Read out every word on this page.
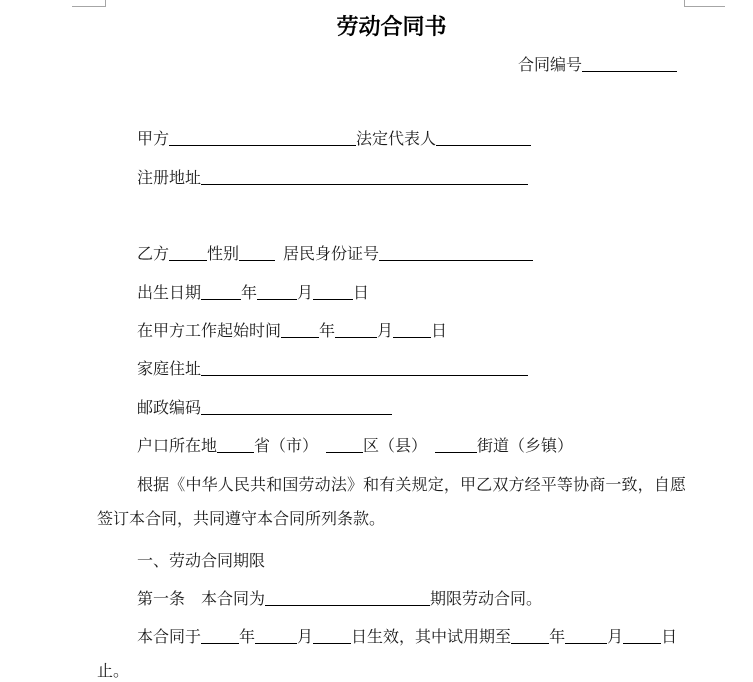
劳动合同书
合同编号
甲方	法定代表人
注册地址
乙方 性别	居民身份证号
出生日期	年	月	日
在甲方工作起始时间 年	月 日
家庭住址
邮政编码
户口所在地 省（市）	区（县）	街道（乡镇）
根据《中华人民共和国劳动法》和有关规定，甲乙双方经平等协商一致，自愿
签订本合同，共同遵守本合同所列条款。
一、劳动合同期限
第一条 本合同为	期限劳动合同。
本合同于 年	月 日生效，其中试用期至 年	月 日
止。
